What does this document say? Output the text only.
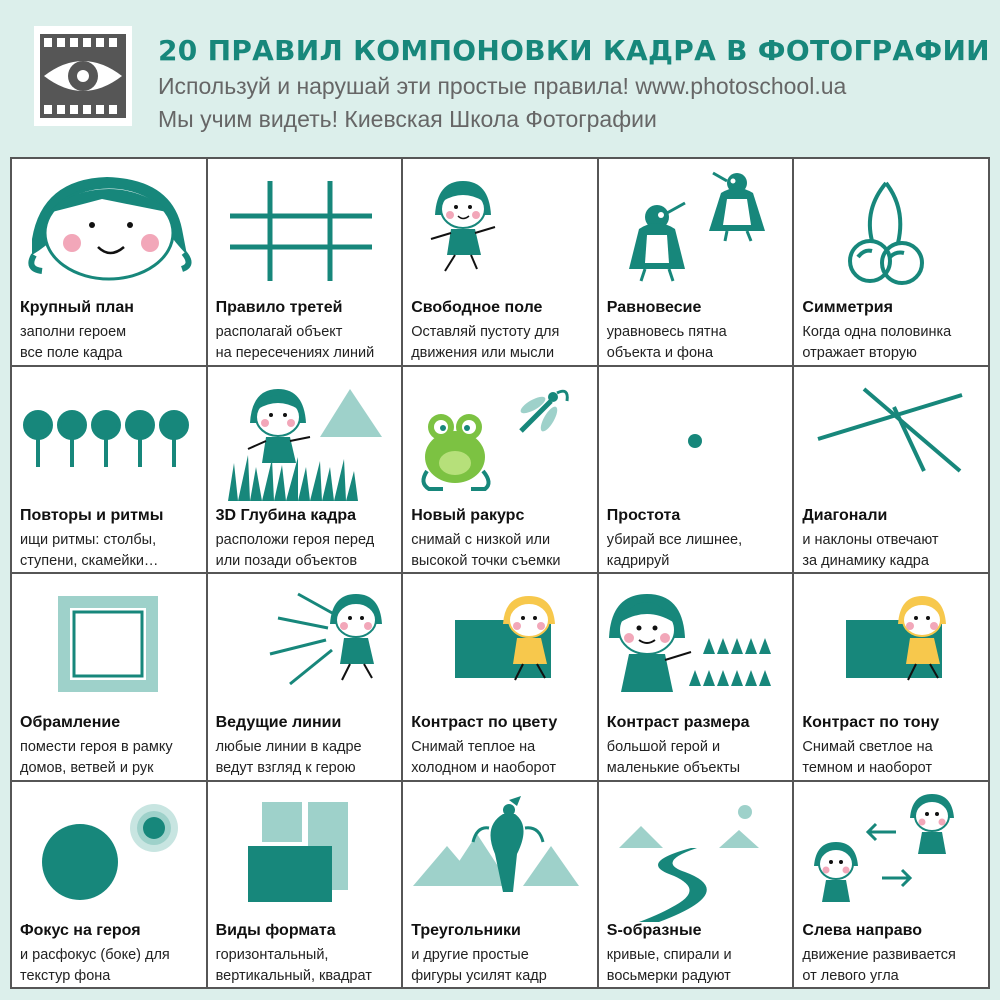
20 ПРАВИЛ КОМПОНОВКИ КАДРА В ФОТОГРАФИИ
Используй и нарушай эти простые правила! www.photoschool.ua
Мы учим видеть! Киевская Школа Фотографии
Крупный план
заполни героем
все поле кадра
Правило третей
располагай объект
на пересечениях линий
Свободное поле
Оставляй пустоту для
движения или мысли
Равновесие
уравновесь пятна
объекта и фона
Симметрия
Когда одна половинка
отражает вторую
Повторы и ритмы
ищи ритмы: столбы,
ступени, скамейки…
3D Глубина кадра
расположи героя перед
или позади объектов
Новый ракурс
снимай с низкой или
высокой точки съемки
Простота
убирай все лишнее,
кадрируй
Диагонали
и наклоны отвечают
за динамику кадра
Обрамление
помести героя в рамку
домов, ветвей и рук
Ведущие линии
любые линии в кадре
ведут взгляд к герою
Контраст по цвету
Снимай теплое на
холодном и наоборот
Контраст размера
большой герой и
маленькие объекты
Контраст по тону
Снимай светлое на
темном и наоборот
Фокус на героя
и расфокус (боке) для
текстур фона
Виды формата
горизонтальный,
вертикальный, квадрат
Треугольники
и другие простые
фигуры усилят кадр
S-образные
кривые, спирали и
восьмерки радуют
Слева направо
движение развивается
от левого угла
